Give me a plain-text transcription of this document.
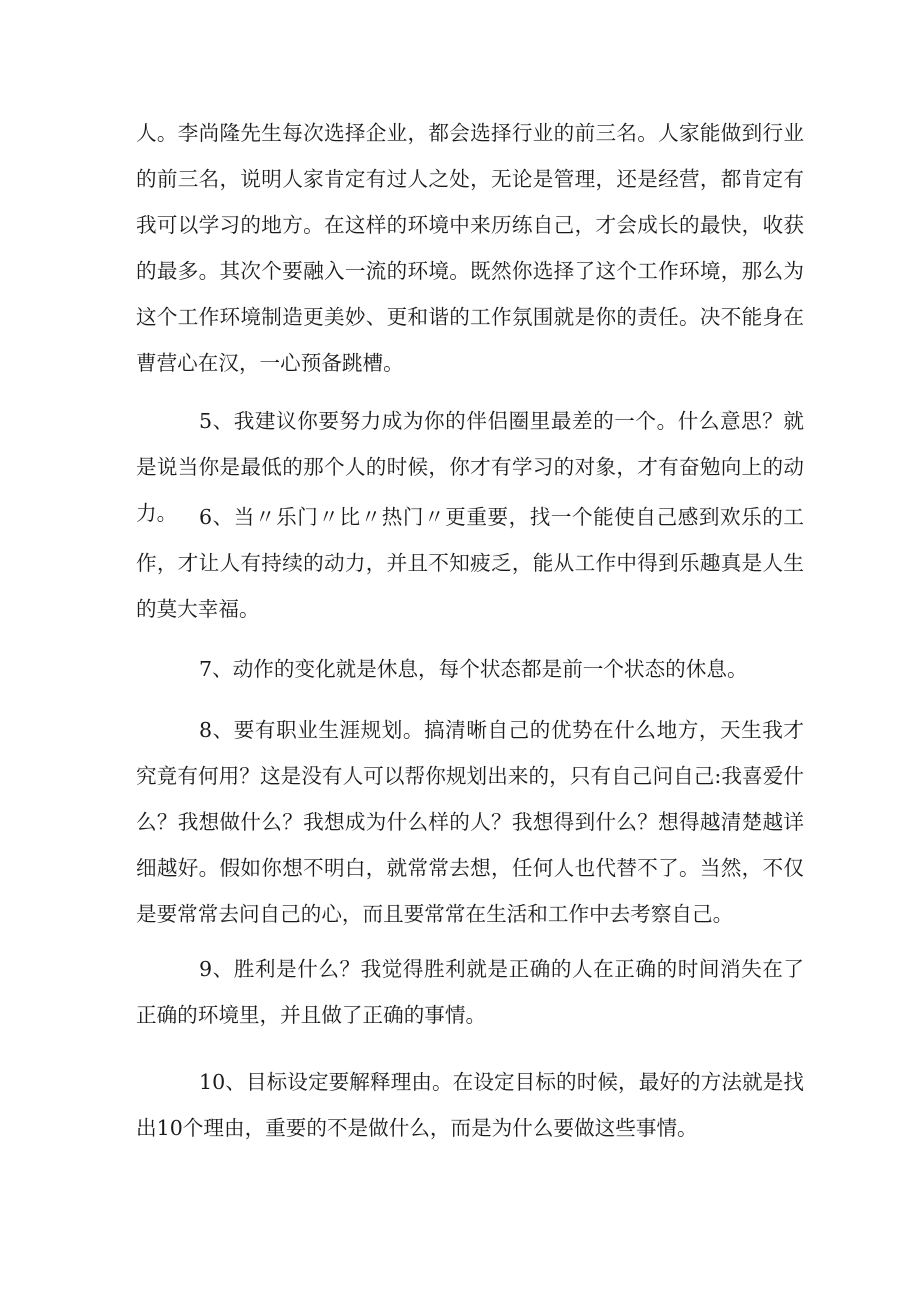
人。李尚隆先生每次选择企业，都会选择行业的前三名。人家能做到行业的前三名，说明人家肯定有过人之处，无论是管理，还是经营，都肯定有我可以学习的地方。在这样的环境中来历练自己，才会成长的最快，收获的最多。其次个要融入一流的环境。既然你选择了这个工作环境，那么为这个工作环境制造更美妙、更和谐的工作氛围就是你的责任。决不能身在曹营心在汉，一心预备跳槽。

5、我建议你要努力成为你的伴侣圈里最差的一个。什么意思？就是说当你是最低的那个人的时候，你才有学习的对象，才有奋勉向上的动力。	6、当〃乐门〃比〃热门〃更重要，找一个能使自己感到欢乐的工作，才让人有持续的动力，并且不知疲乏，能从工作中得到乐趣真是人生的莫大幸福。

7、动作的变化就是休息，每个状态都是前一个状态的休息。

8、要有职业生涯规划。搞清晰自己的优势在什么地方，天生我才究竟有何用？这是没有人可以帮你规划出来的，只有自己问自己:我喜爱什么？我想做什么？我想成为什么样的人？我想得到什么？想得越清楚越详细越好。假如你想不明白，就常常去想，任何人也代替不了。当然，不仅是要常常去问自己的心，而且要常常在生活和工作中去考察自己。

9、胜利是什么？我觉得胜利就是正确的人在正确的时间消失在了正确的环境里，并且做了正确的事情。

10、目标设定要解释理由。在设定目标的时候，最好的方法就是找出10个理由，重要的不是做什么，而是为什么要做这些事情。
